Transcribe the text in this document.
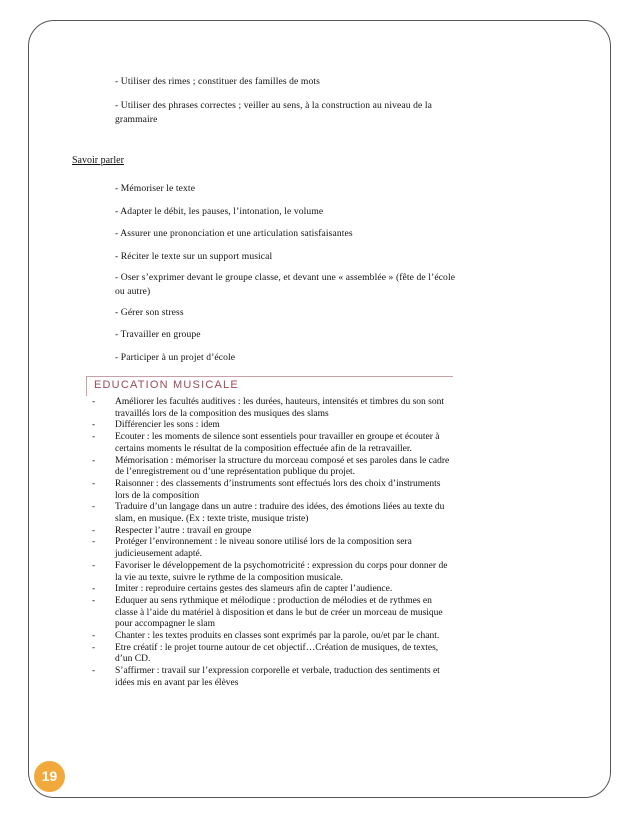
- Utiliser des rimes ; constituer des familles de mots
- Utiliser des phrases correctes ; veiller au sens, à la construction au niveau de la grammaire
Savoir parler
- Mémoriser le texte
- Adapter le débit, les pauses, l’intonation, le volume
- Assurer une prononciation et une articulation satisfaisantes
- Réciter le texte sur un support musical
- Oser s’exprimer devant le groupe classe, et devant une « assemblée » (fête de l’école ou autre)
- Gérer son stress
- Travailler en groupe
- Participer à un projet d’école
EDUCATION MUSICALE
- Améliorer les facultés auditives : les durées, hauteurs, intensités et timbres du son sont travaillés lors de la composition des musiques des slams
- Différencier les sons : idem
- Ecouter : les moments de silence sont essentiels pour travailler en groupe et écouter à certains moments le résultat de la composition effectuée afin de la retravailler.
- Mémorisation : mémoriser la structure du morceau composé et ses paroles dans le cadre de l’enregistrement ou d’une représentation publique du projet.
- Raisonner : des classements d’instruments sont effectués lors des choix d’instruments lors de la composition
- Traduire d’un langage dans un autre : traduire des idées, des émotions liées au texte du slam, en musique. (Ex : texte triste, musique triste)
- Respecter l’autre : travail en groupe
- Protéger l’environnement : le niveau sonore utilisé lors de la composition sera judicieusement adapté.
- Favoriser le développement de la psychomotricité : expression du corps pour donner de la vie au texte, suivre le rythme de la composition musicale.
- Imiter : reproduire certains gestes des slameurs afin de capter l’audience.
- Eduquer au sens rythmique et mélodique : production de mélodies et de rythmes en classe à l’aide du matériel à disposition et dans le but de créer un morceau de musique pour accompagner le slam
- Chanter : les textes produits en classes sont exprimés par la parole, ou/et par le chant.
- Etre créatif : le projet tourne autour de cet objectif…Création de musiques, de textes, d’un CD.
- S’affirmer : travail sur l’expression corporelle et verbale, traduction des sentiments et idées mis en avant par les élèves
19
